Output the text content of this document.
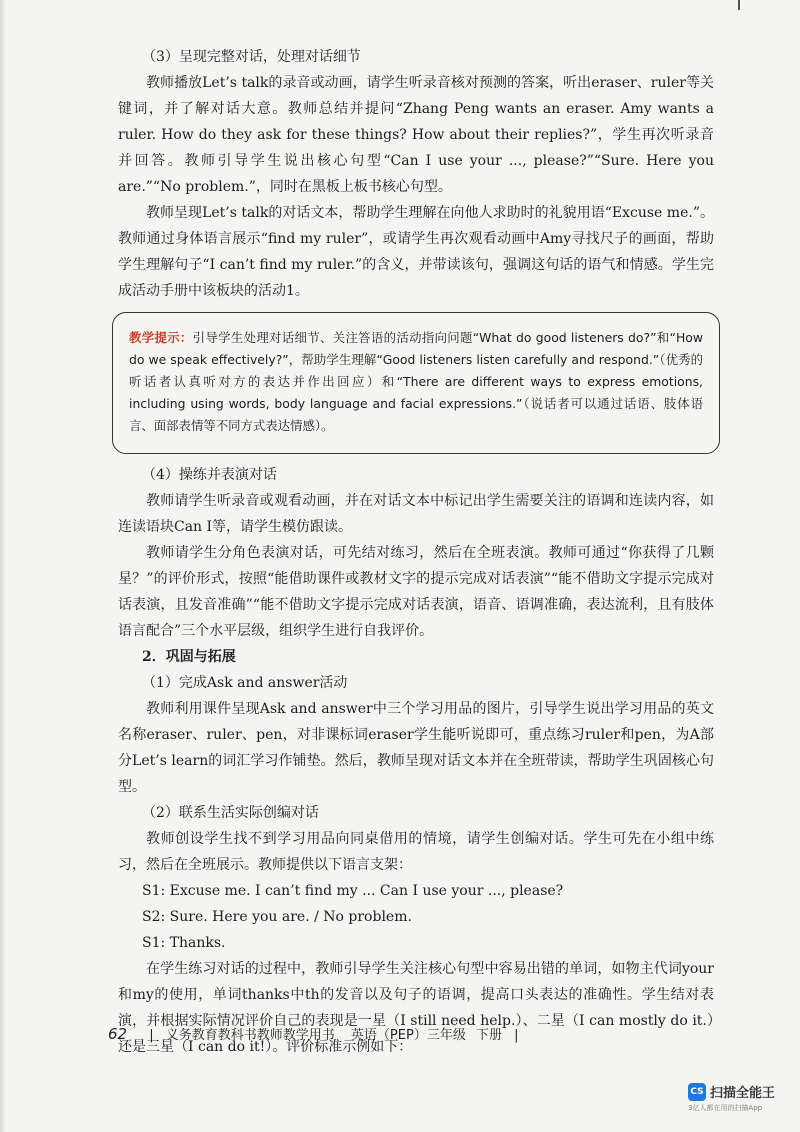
（3）呈现完整对话，处理对话细节

教师播放Let’s talk的录音或动画，请学生听录音核对预测的答案，听出eraser、ruler等关键词，并了解对话大意。教师总结并提问“Zhang Peng wants an eraser. Amy wants a ruler. How do they ask for these things? How about their replies?”，学生再次听录音并回答。教师引导学生说出核心句型“Can I use your ..., please?”“Sure. Here you are.”“No problem.”，同时在黑板上板书核心句型。

教师呈现Let’s talk的对话文本，帮助学生理解在向他人求助时的礼貌用语“Excuse me.”。教师通过身体语言展示“find my ruler”，或请学生再次观看动画中Amy寻找尺子的画面，帮助学生理解句子“I can’t find my ruler.”的含义，并带读该句，强调这句话的语气和情感。学生完成活动手册中该板块的活动1。

教学提示：引导学生处理对话细节、关注答语的活动指向问题“What do good listeners do?”和“How do we speak effectively?”，帮助学生理解“Good listeners listen carefully and respond.”（优秀的听话者认真听对方的表达并作出回应）和“There are different ways to express emotions, including using words, body language and facial expressions.”（说话者可以通过话语、肢体语言、面部表情等不同方式表达情感）。

（4）操练并表演对话

教师请学生听录音或观看动画，并在对话文本中标记出学生需要关注的语调和连读内容，如连读语块Can I等，请学生模仿跟读。

教师请学生分角色表演对话，可先结对练习，然后在全班表演。教师可通过“你获得了几颗星？”的评价形式，按照“能借助课件或教材文字的提示完成对话表演”“能不借助文字提示完成对话表演，且发音准确”“能不借助文字提示完成对话表演，语音、语调准确，表达流利，且有肢体语言配合”三个水平层级，组织学生进行自我评价。

2．巩固与拓展

（1）完成Ask and answer活动

教师利用课件呈现Ask and answer中三个学习用品的图片，引导学生说出学习用品的英文名称eraser、ruler、pen，对非课标词eraser学生能听说即可，重点练习ruler和pen，为A部分Let’s learn的词汇学习作铺垫。然后，教师呈现对话文本并在全班带读，帮助学生巩固核心句型。

（2）联系生活实际创编对话

教师创设学生找不到学习用品向同桌借用的情境，请学生创编对话。学生可先在小组中练习，然后在全班展示。教师提供以下语言支架：

S1: Excuse me. I can’t find my ... Can I use your ..., please?

S2: Sure. Here you are. / No problem.

S1: Thanks.

在学生练习对话的过程中，教师引导学生关注核心句型中容易出错的单词，如物主代词your和my的使用，单词thanks中th的发音以及句子的语调，提高口头表达的准确性。学生结对表演，并根据实际情况评价自己的表现是一星（I still need help.）、二星（I can mostly do it.）还是三星（I can do it!）。评价标准示例如下：

62 | 义务教育教科书教师教学用书 英语（PEP）三年级 下册 |
CS 扫描全能王
3亿人都在用的扫描App
